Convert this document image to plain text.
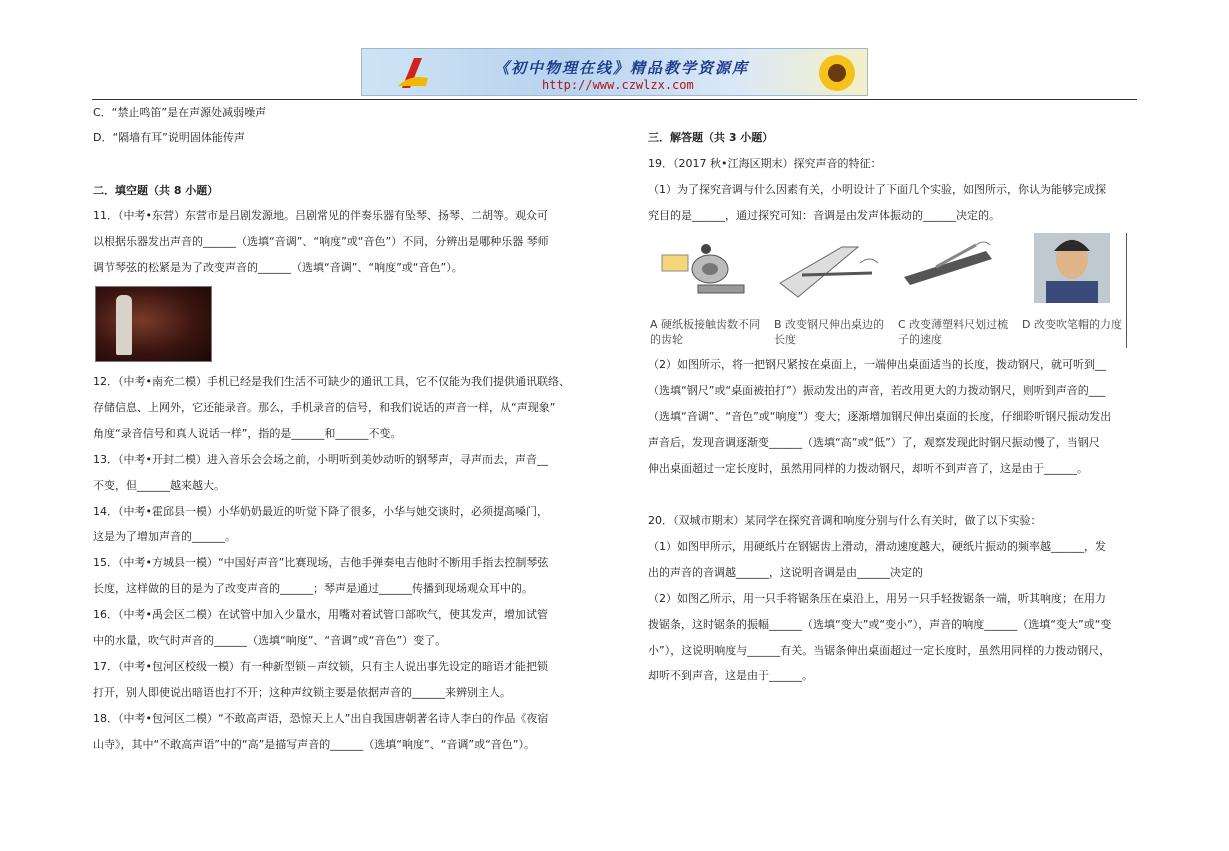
《初中物理在线》精品教学资源库
http://www.czwlzx.com
C．“禁止鸣笛”是在声源处减弱噪声
D．“隔墙有耳”说明固体能传声
二．填空题（共 8 小题）
11．（中考•东营）东营市是吕剧发源地。吕剧常见的伴奏乐器有坠琴、扬琴、二胡等。观众可
以根据乐器发出声音的______（选填“音调”、“响度”或“音色”）不同，分辨出是哪种乐器 琴师
调节琴弦的松紧是为了改变声音的______（选填“音调”、“响度”或“音色”）。
12．（中考•南充二模）手机已经是我们生活不可缺少的通讯工具，它不仅能为我们提供通讯联络、
存储信息、上网外，它还能录音。那么，手机录音的信号，和我们说话的声音一样，从“声现象”
角度“录音信号和真人说话一样”，指的是______和______不变。
13．（中考•开封二模）进入音乐会会场之前，小明听到美妙动听的钢琴声，寻声而去，声音__
不变，但______越来越大。
14．（中考•霍邱县一模）小华奶奶最近的听觉下降了很多，小华与她交谈时，必须提高嗓门，
这是为了增加声音的______。
15．（中考•方城县一模）“中国好声音”比赛现场，吉他手弹奏电吉他时不断用手指去控制琴弦
长度，这样做的目的是为了改变声音的______；琴声是通过______传播到现场观众耳中的。
16．（中考•禹会区二模）在试管中加入少量水，用嘴对着试管口部吹气，使其发声，增加试管
中的水量，吹气时声音的______（选填“响度”、“音调”或“音色”）变了。
17．（中考•包河区校级一模）有一种新型锁－声纹锁，只有主人说出事先设定的暗语才能把锁
打开，别人即使说出暗语也打不开；这种声纹锁主要是依据声音的______来辨别主人。
18．（中考•包河区二模）“不敢高声语，恐惊天上人”出自我国唐朝著名诗人李白的作品《夜宿
山寺》，其中“不敢高声语”中的“高”是描写声音的______（选填“响度”、“音调”或“音色”）。
三．解答题（共 3 小题）
19．（2017 秋•江海区期末）探究声音的特征：
（1）为了探究音调与什么因素有关，小明设计了下面几个实验，如图所示，你认为能够完成探
究目的是______，通过探究可知：音调是由发声体振动的______决定的。
A 硬纸板接触齿数不同的齿轮
B 改变钢尺伸出桌边的长度
C 改变薄塑料尺划过梳子的速度
D 改变吹笔帽的力度
（2）如图所示，将一把钢尺紧按在桌面上，一端伸出桌面适当的长度，拨动钢尺，就可听到__
（选填“钢尺”或“桌面被拍打”）振动发出的声音，若改用更大的力拨动钢尺，则听到声音的___
（选填“音调”、“音色”或“响度”）变大；逐渐增加钢尺伸出桌面的长度，仔细聆听钢尺振动发出
声音后，发现音调逐渐变______（选填“高”或“低”）了，观察发现此时钢尺振动慢了，当钢尺
伸出桌面超过一定长度时，虽然用同样的力拨动钢尺，却听不到声音了，这是由于______。
20．（双城市期末）某同学在探究音调和响度分别与什么有关时，做了以下实验：
（1）如图甲所示，用硬纸片在钢锯齿上滑动，滑动速度越大，硬纸片振动的频率越______，发
出的声音的音调越______，这说明音调是由______决定的
（2）如图乙所示，用一只手将锯条压在桌沿上，用另一只手轻拨锯条一端，听其响度；在用力
拨锯条，这时锯条的振幅______（选填“变大”或“变小”），声音的响度______（选填“变大”或“变
小”），这说明响度与______有关。当锯条伸出桌面超过一定长度时，虽然用同样的力拨动钢尺，
却听不到声音，这是由于______。
